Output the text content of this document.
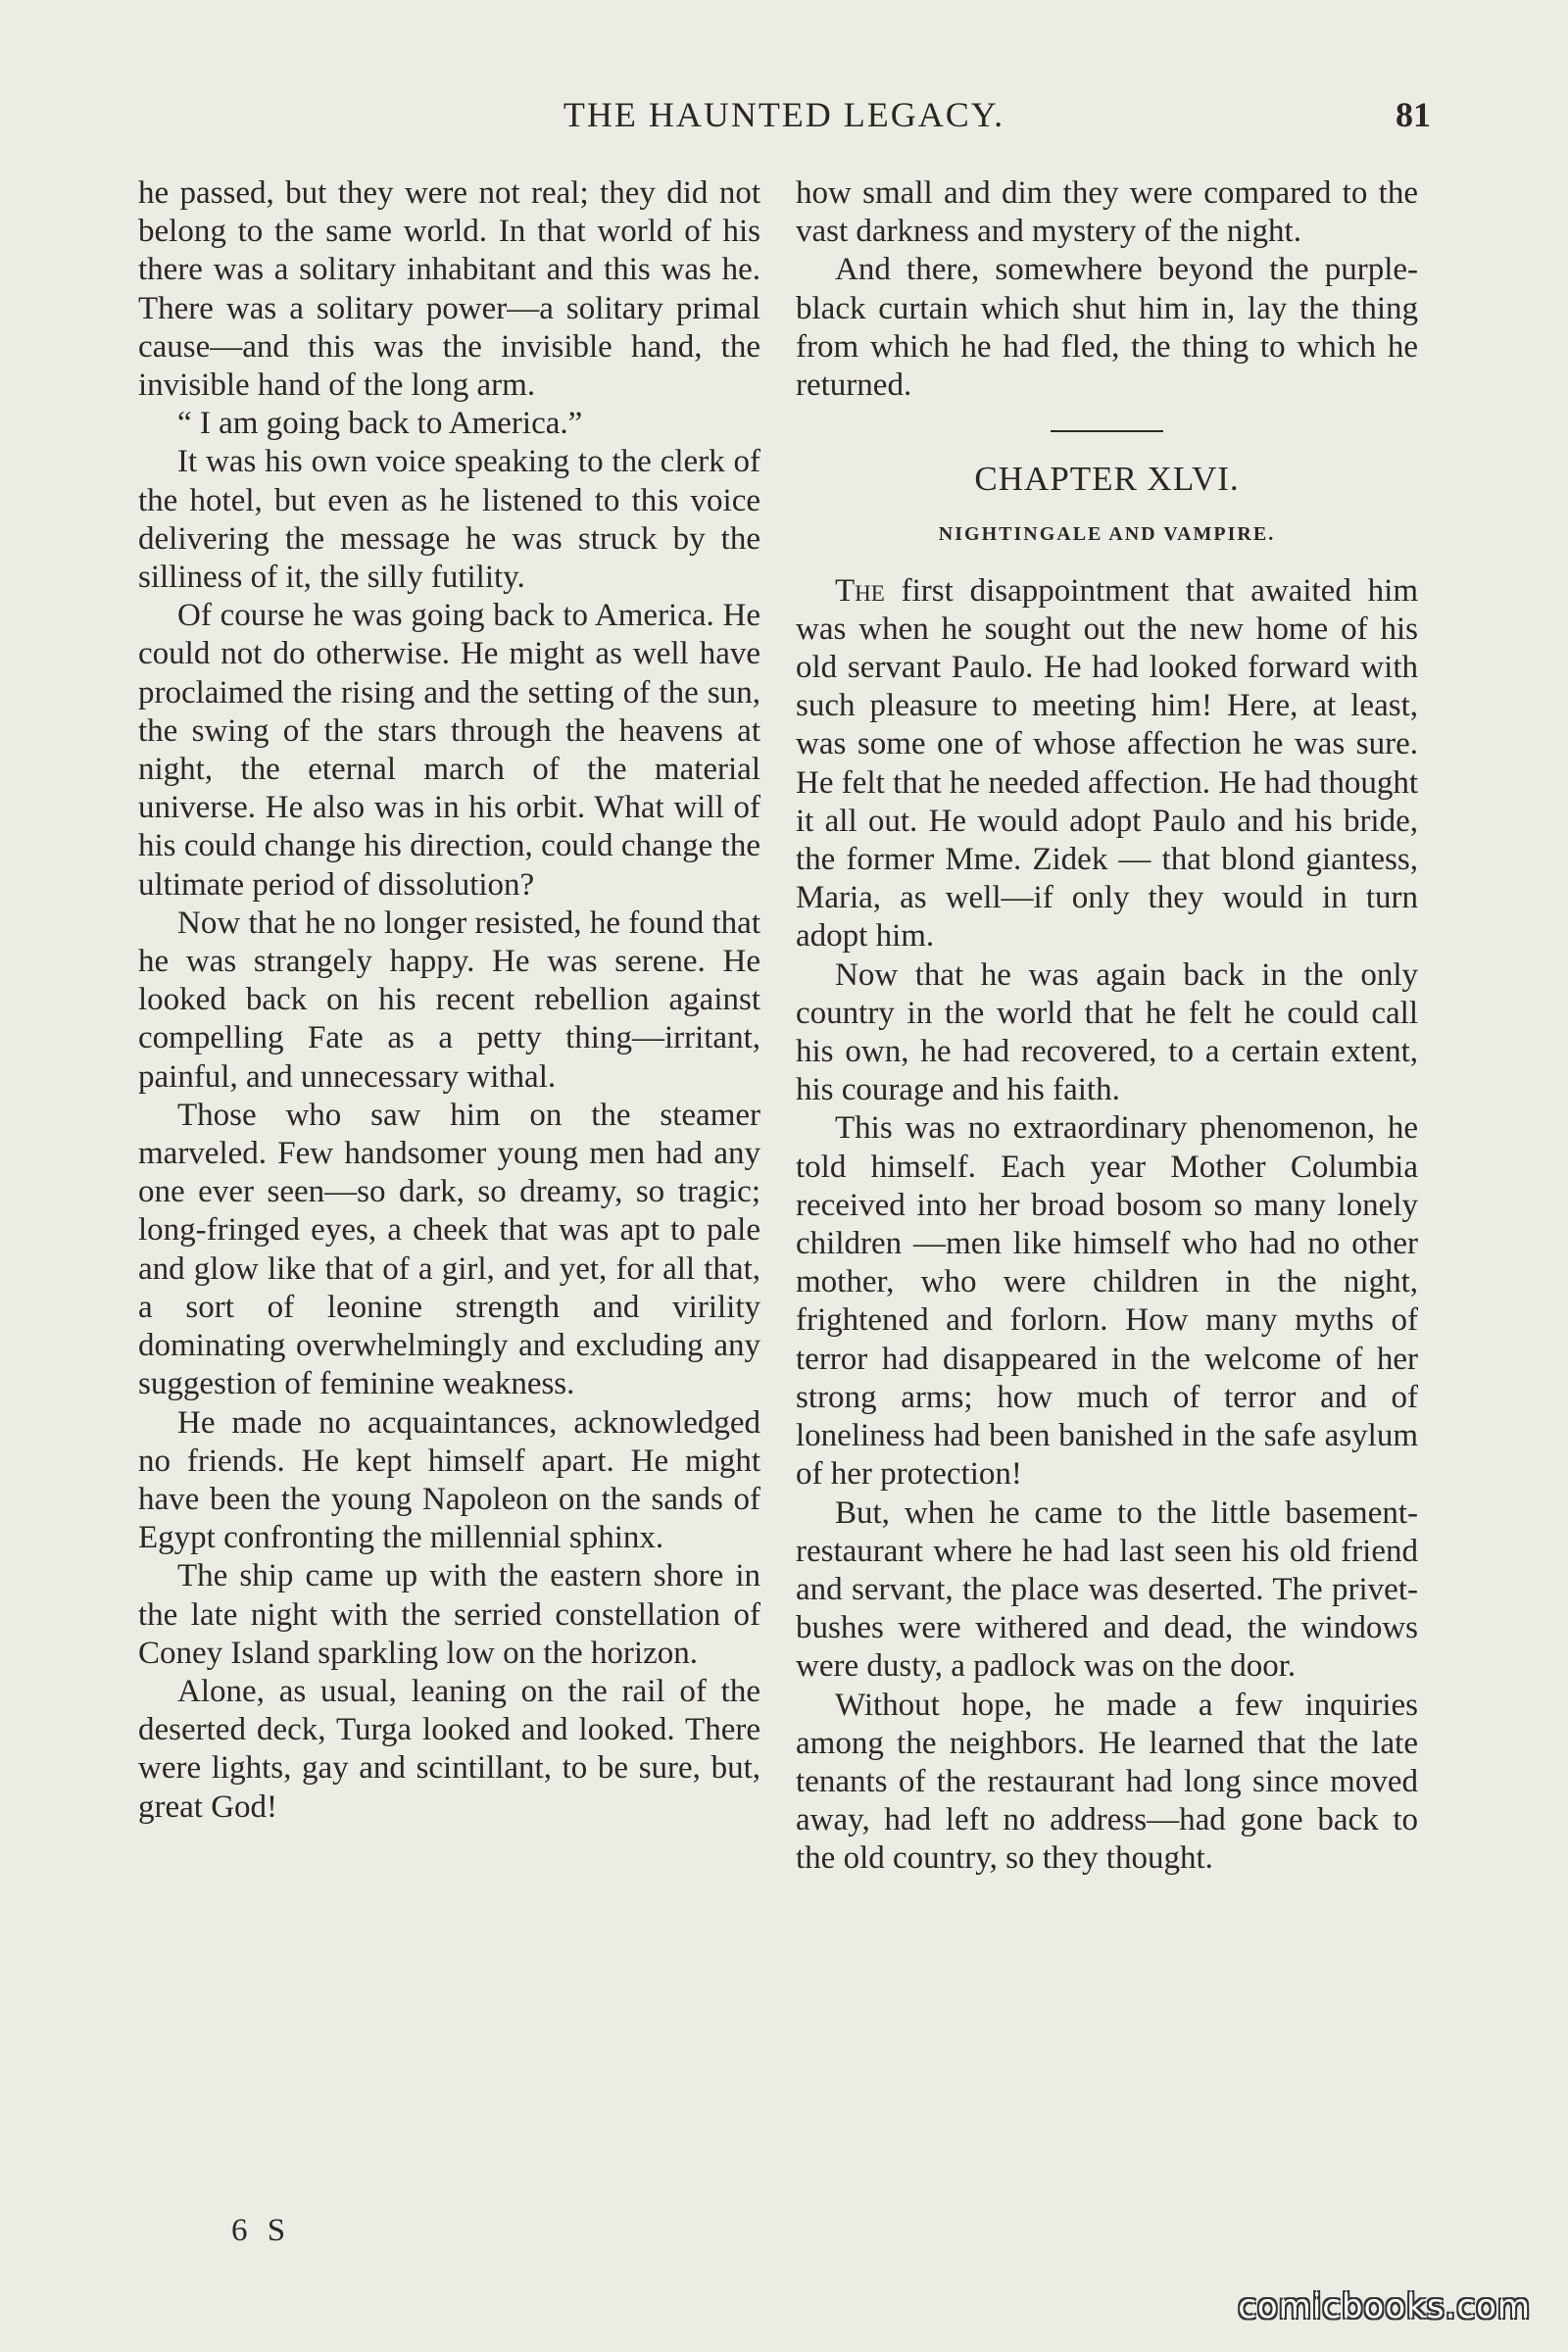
THE HAUNTED LEGACY.	81

he passed, but they were not real; they did not belong to the same world. In that world of his there was a solitary inhabitant and this was he. There was a solitary power—a solitary primal cause—and this was the invisible hand, the invisible hand of the long arm.

“ I am going back to America.”

It was his own voice speaking to the clerk of the hotel, but even as he listened to this voice delivering the message he was struck by the silliness of it, the silly futility.

Of course he was going back to America. He could not do otherwise. He might as well have proclaimed the rising and the setting of the sun, the swing of the stars through the heavens at night, the eternal march of the material universe. He also was in his orbit. What will of his could change his direction, could change the ultimate period of dissolution?

Now that he no longer resisted, he found that he was strangely happy. He was serene. He looked back on his recent rebellion against compelling Fate as a petty thing—irritant, painful, and unnecessary withal.

Those who saw him on the steamer marveled. Few handsomer young men had any one ever seen—so dark, so dreamy, so tragic; long-fringed eyes, a cheek that was apt to pale and glow like that of a girl, and yet, for all that, a sort of leonine strength and virility dominating overwhelmingly and excluding any suggestion of feminine weakness.

He made no acquaintances, acknowledged no friends. He kept himself apart. He might have been the young Napoleon on the sands of Egypt confronting the millennial sphinx.

The ship came up with the eastern shore in the late night with the serried constellation of Coney Island sparkling low on the horizon.

Alone, as usual, leaning on the rail of the deserted deck, Turga looked and looked. There were lights, gay and scintillant, to be sure, but, great God!

how small and dim they were compared to the vast darkness and mystery of the night.

And there, somewhere beyond the purple-black curtain which shut him in, lay the thing from which he had fled, the thing to which he returned.

CHAPTER XLVI.
NIGHTINGALE AND VAMPIRE.

The first disappointment that awaited him was when he sought out the new home of his old servant Paulo. He had looked forward with such pleasure to meeting him! Here, at least, was some one of whose affection he was sure. He felt that he needed affection. He had thought it all out. He would adopt Paulo and his bride, the former Mme. Zidek — that blond giantess, Maria, as well—if only they would in turn adopt him.

Now that he was again back in the only country in the world that he felt he could call his own, he had recovered, to a certain extent, his courage and his faith.

This was no extraordinary phenomenon, he told himself. Each year Mother Columbia received into her broad bosom so many lonely children —men like himself who had no other mother, who were children in the night, frightened and forlorn. How many myths of terror had disappeared in the welcome of her strong arms; how much of terror and of loneliness had been banished in the safe asylum of her protection!

But, when he came to the little basement-restaurant where he had last seen his old friend and servant, the place was deserted. The privet-bushes were withered and dead, the windows were dusty, a padlock was on the door.

Without hope, he made a few inquiries among the neighbors. He learned that the late tenants of the restaurant had long since moved away, had left no address—had gone back to the old country, so they thought.

6 S
comicbooks.com
